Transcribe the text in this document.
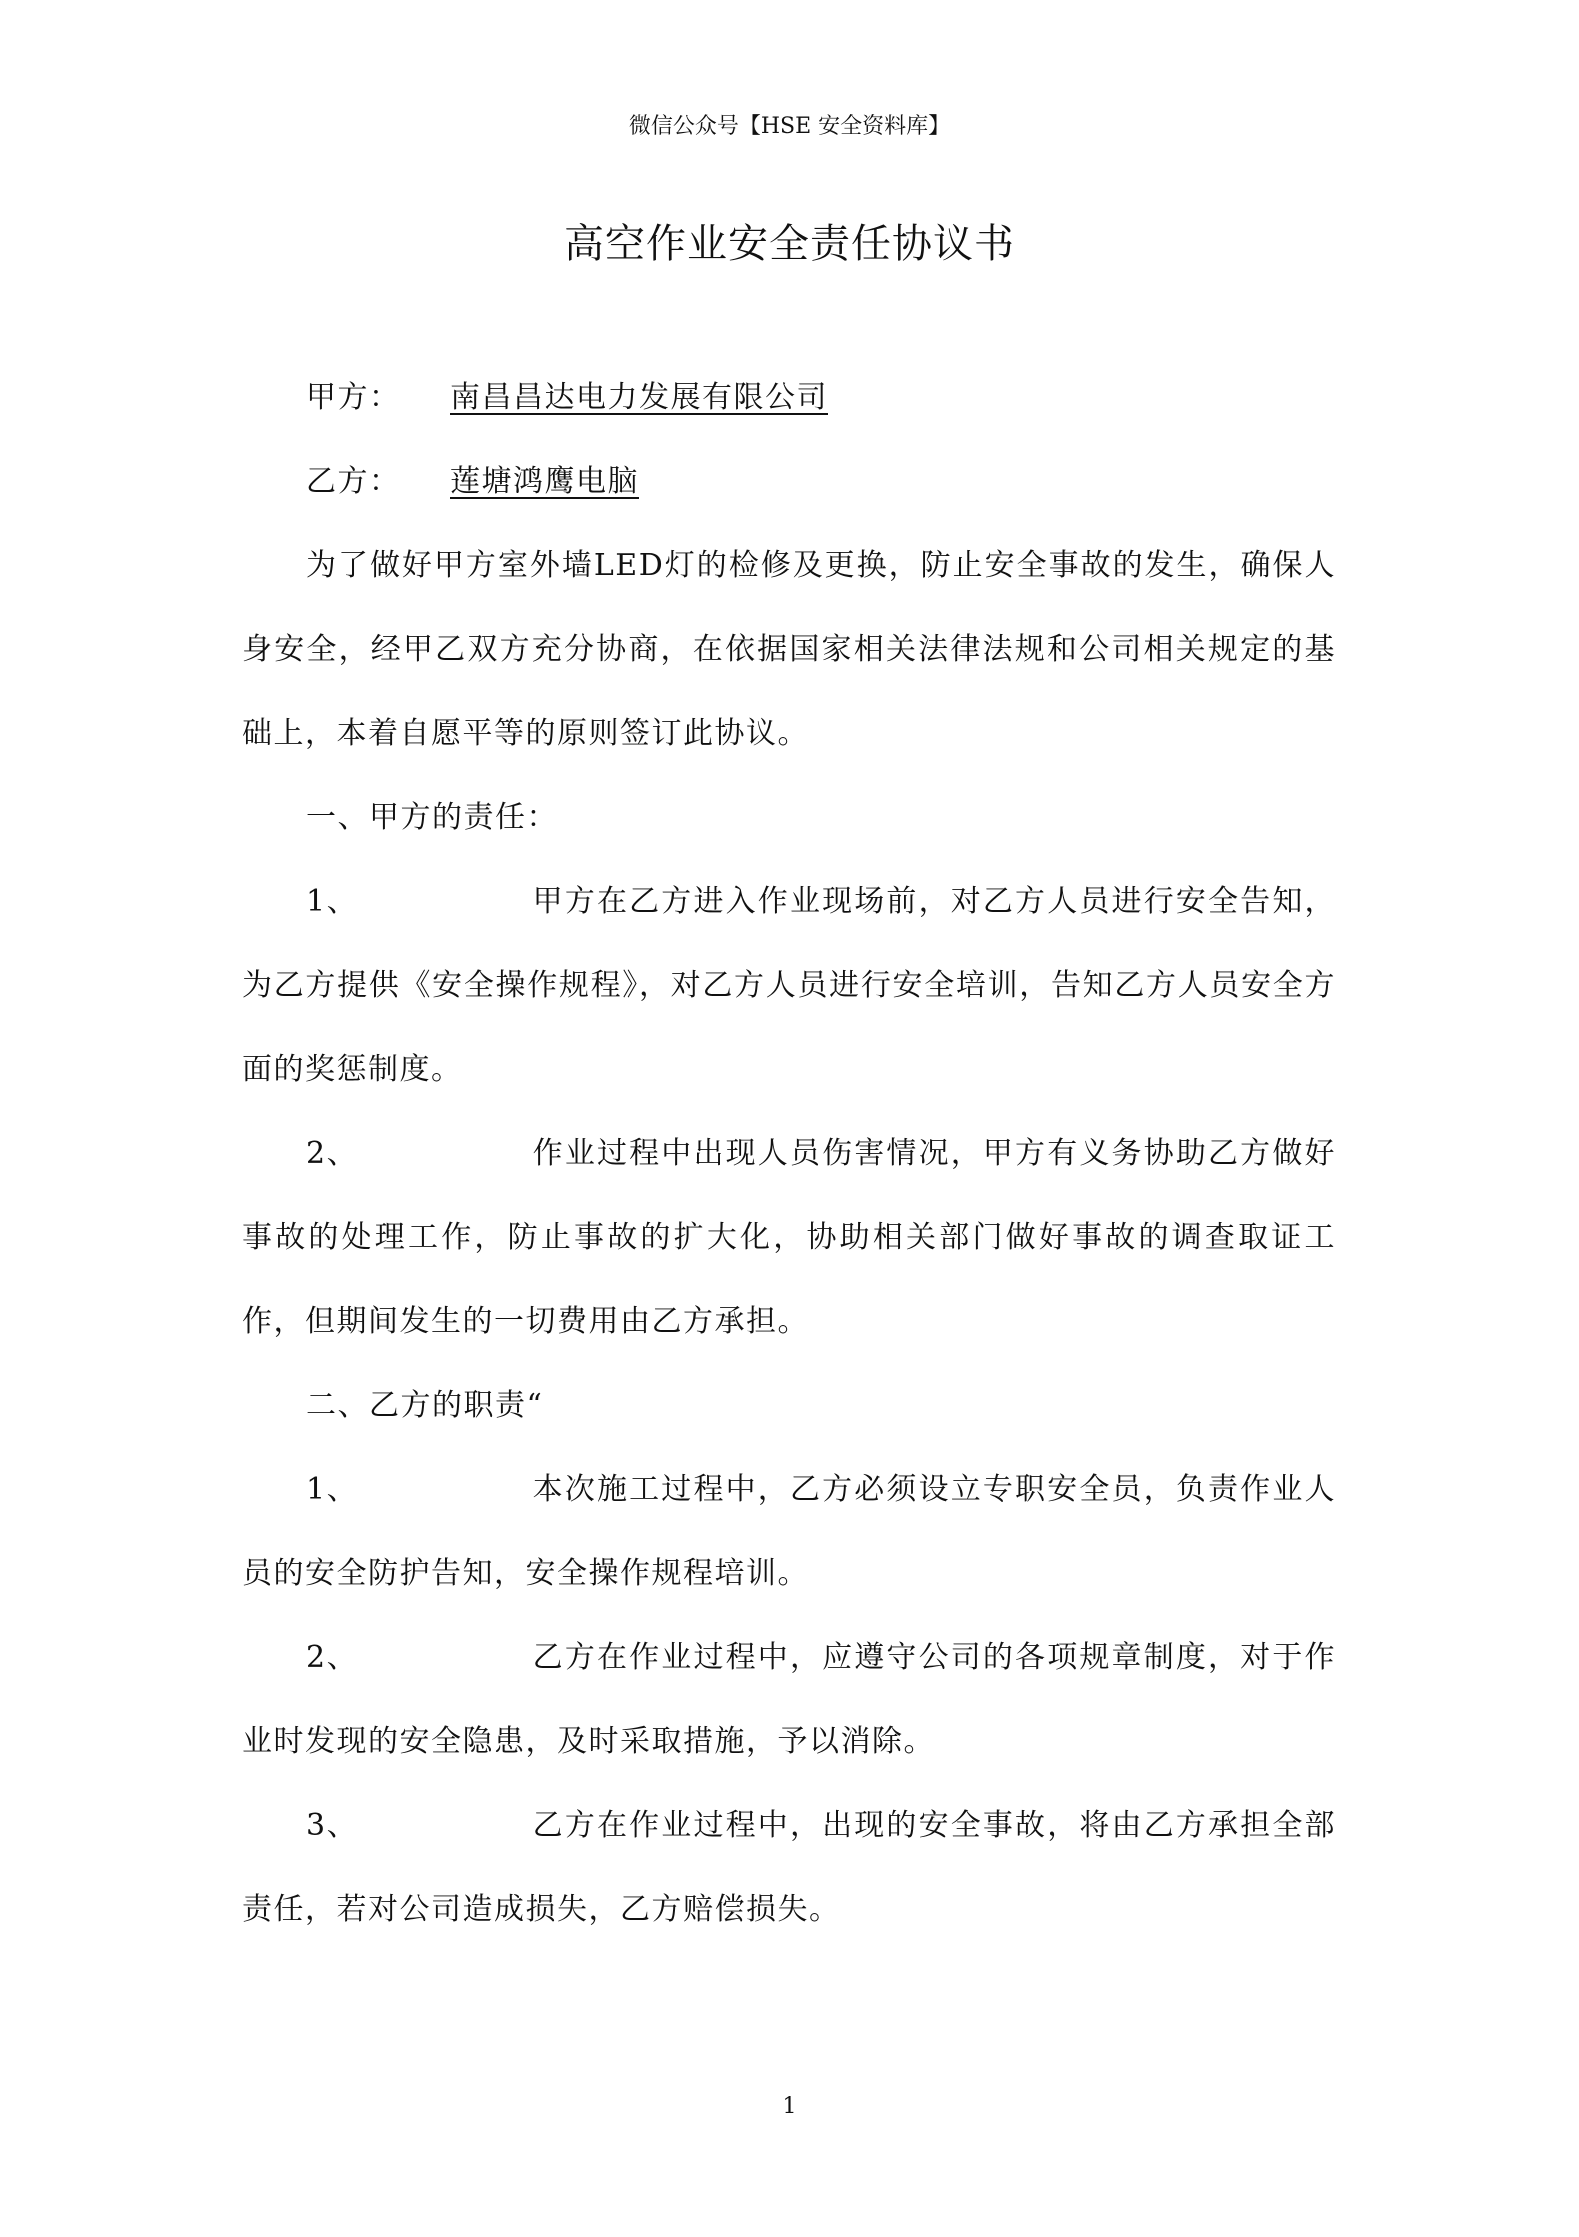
微信公众号【HSE 安全资料库】
高空作业安全责任协议书
甲方： 南昌昌达电力发展有限公司
乙方： 莲塘鸿鹰电脑

为了做好甲方室外墙LED灯的检修及更换，防止安全事故的发生，确保人身安全，经甲乙双方充分协商，在依据国家相关法律法规和公司相关规定的基础上，本着自愿平等的原则签订此协议。

一、甲方的责任：

1、	甲方在乙方进入作业现场前，对乙方人员进行安全告知，为乙方提供《安全操作规程》，对乙方人员进行安全培训，告知乙方人员安全方面的奖惩制度。

2、	作业过程中出现人员伤害情况，甲方有义务协助乙方做好事故的处理工作，防止事故的扩大化，协助相关部门做好事故的调查取证工作，但期间发生的一切费用由乙方承担。

二、乙方的职责“

1、	本次施工过程中，乙方必须设立专职安全员，负责作业人员的安全防护告知，安全操作规程培训。

2、	乙方在作业过程中，应遵守公司的各项规章制度，对于作业时发现的安全隐患，及时采取措施，予以消除。

3、	乙方在作业过程中，出现的安全事故，将由乙方承担全部责任，若对公司造成损失，乙方赔偿损失。

1
